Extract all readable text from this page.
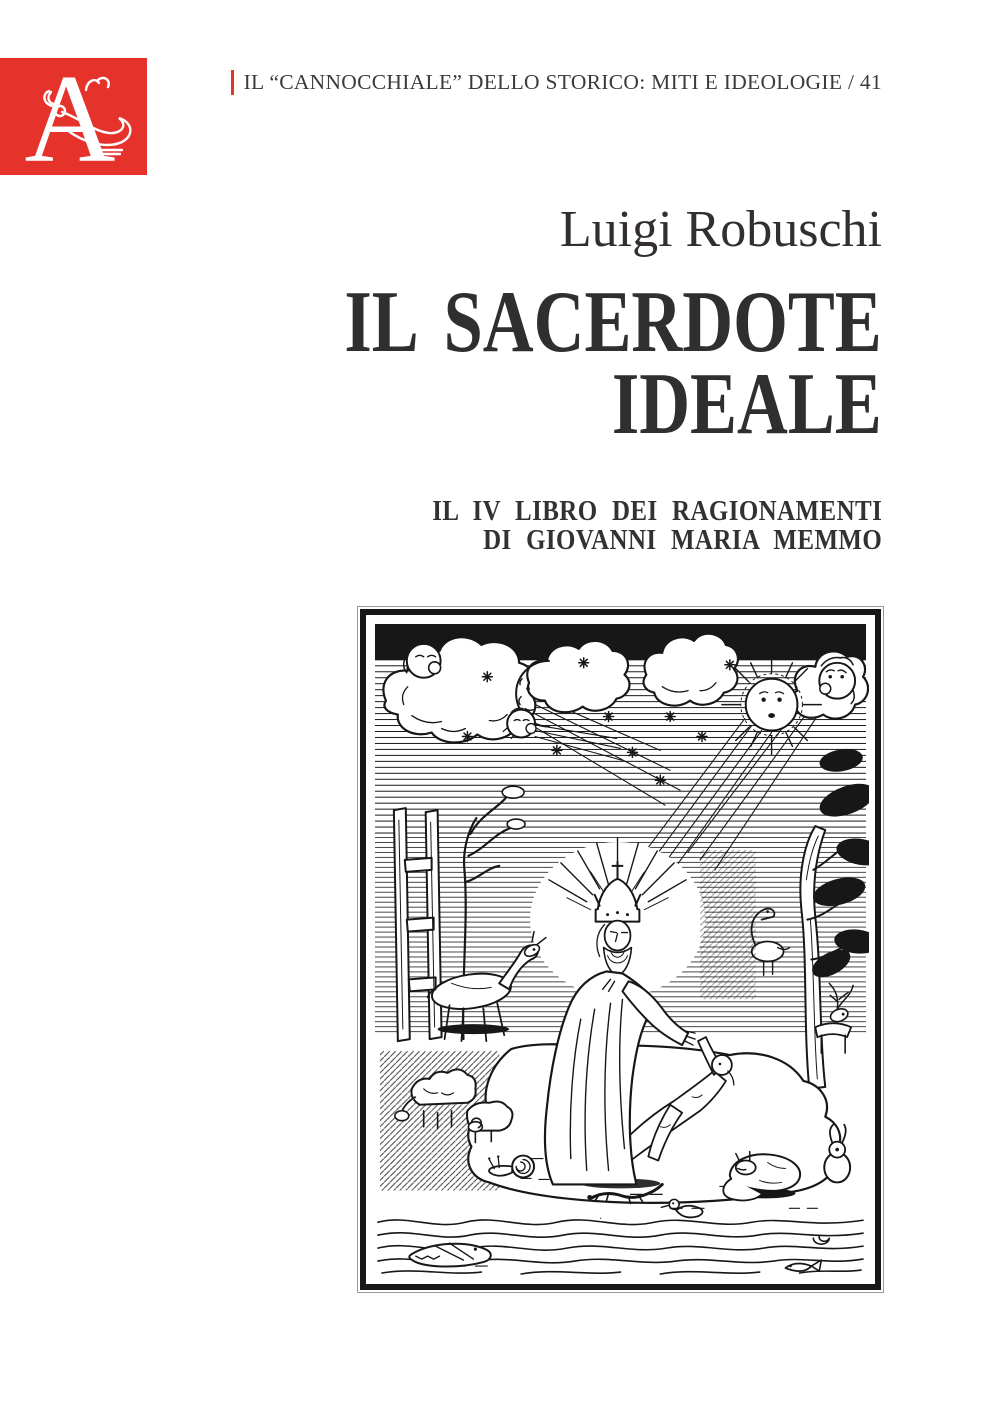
A	IL “CANNOCCHIALE” DELLO STORICO: MITI E IDEOLOGIE / 41
Luigi Robuschi
IL SACERDOTE
IDEALE
IL IV LIBRO DEI RAGIONAMENTI
DI GIOVANNI MARIA MEMMO
